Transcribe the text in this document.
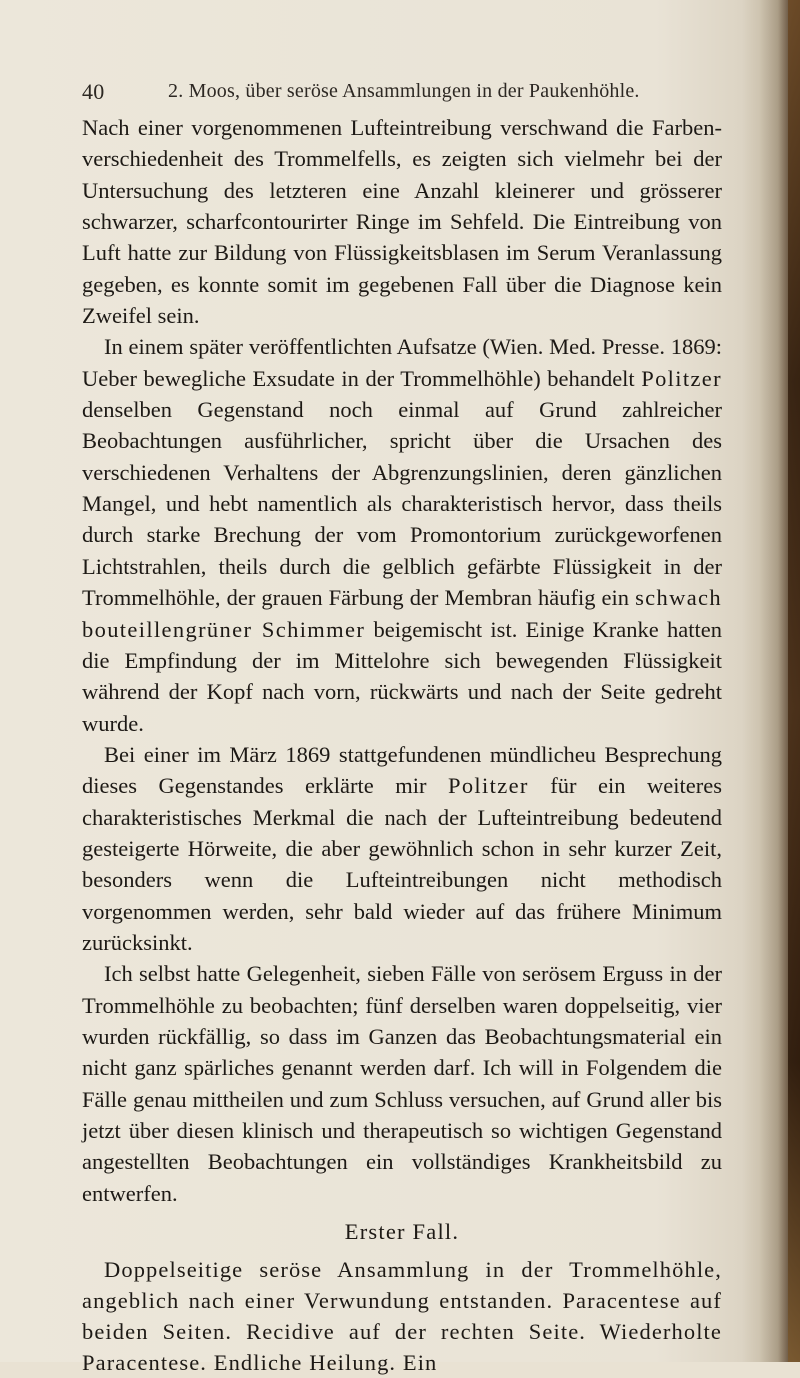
40	2. Moos, über seröse Ansammlungen in der Paukenhöhle.

Nach einer vorgenommenen Lufteintreibung verschwand die Farbenverschiedenheit des Trommelfells, es zeigten sich vielmehr bei der Untersuchung des letzteren eine Anzahl kleinerer und grösserer schwarzer, scharfcontourirter Ringe im Sehfeld. Die Eintreibung von Luft hatte zur Bildung von Flüssigkeitsblasen im Serum Veranlassung gegeben, es konnte somit im gegebenen Fall über die Diagnose kein Zweifel sein.

In einem später veröffentlichten Aufsatze (Wien. Med. Presse. 1869: Ueber bewegliche Exsudate in der Trommelhöhle) behandelt Politzer denselben Gegenstand noch einmal auf Grund zahlreicher Beobachtungen ausführlicher, spricht über die Ursachen des verschiedenen Verhaltens der Abgrenzungslinien, deren gänzlichen Mangel, und hebt namentlich als charakteristisch hervor, dass theils durch starke Brechung der vom Promontorium zurückgeworfenen Lichtstrahlen, theils durch die gelblich gefärbte Flüssigkeit in der Trommelhöhle, der grauen Färbung der Membran häufig ein schwach bouteillengrüner Schimmer beigemischt ist. Einige Kranke hatten die Empfindung der im Mittelohre sich bewegenden Flüssigkeit während der Kopf nach vorn, rückwärts und nach der Seite gedreht wurde.

Bei einer im März 1869 stattgefundenen mündlicheu Besprechung dieses Gegenstandes erklärte mir Politzer für ein weiteres charakteristisches Merkmal die nach der Lufteintreibung bedeutend gesteigerte Hörweite, die aber gewöhnlich schon in sehr kurzer Zeit, besonders wenn die Lufteintreibungen nicht methodisch vorgenommen werden, sehr bald wieder auf das frühere Minimum zurücksinkt.

Ich selbst hatte Gelegenheit, sieben Fälle von serösem Erguss in der Trommelhöhle zu beobachten; fünf derselben waren doppelseitig, vier wurden rückfällig, so dass im Ganzen das Beobachtungsmaterial ein nicht ganz spärliches genannt werden darf. Ich will in Folgendem die Fälle genau mittheilen und zum Schluss versuchen, auf Grund aller bis jetzt über diesen klinisch und therapeutisch so wichtigen Gegenstand angestellten Beobachtungen ein vollständiges Krankheitsbild zu entwerfen.

Erster Fall.

Doppelseitige seröse Ansammlung in der Trommelhöhle, angeblich nach einer Verwundung entstanden. Paracentese auf beiden Seiten. Recidive auf der rechten Seite. Wiederholte Paracentese. Endliche Heilung. Ein
